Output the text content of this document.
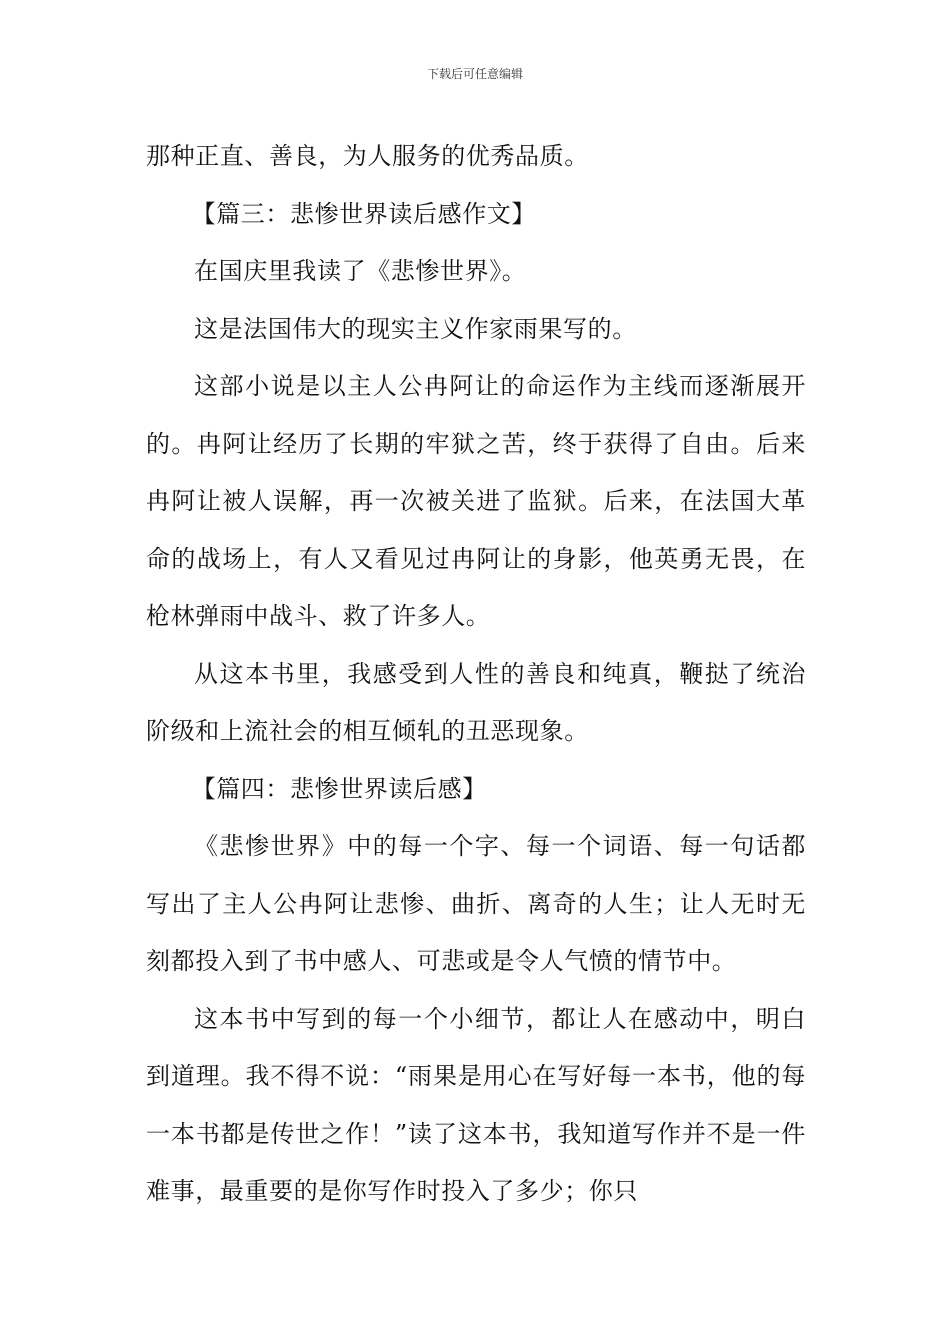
下载后可任意编辑

那种正直、善良，为人服务的优秀品质。

【篇三：悲惨世界读后感作文】

在国庆里我读了《悲惨世界》。

这是法国伟大的现实主义作家雨果写的。

这部小说是以主人公冉阿让的命运作为主线而逐渐展开的。冉阿让经历了长期的牢狱之苦，终于获得了自由。后来冉阿让被人误解，再一次被关进了监狱。后来，在法国大革命的战场上，有人又看见过冉阿让的身影，他英勇无畏，在枪林弹雨中战斗、救了许多人。

从这本书里，我感受到人性的善良和纯真，鞭挞了统治阶级和上流社会的相互倾轧的丑恶现象。

【篇四：悲惨世界读后感】

《悲惨世界》中的每一个字、每一个词语、每一句话都写出了主人公冉阿让悲惨、曲折、离奇的人生；让人无时无刻都投入到了书中感人、可悲或是令人气愤的情节中。

这本书中写到的每一个小细节，都让人在感动中，明白到道理。我不得不说：“雨果是用心在写好每一本书，他的每一本书都是传世之作！”读了这本书，我知道写作并不是一件难事，最重要的是你写作时投入了多少；你只
